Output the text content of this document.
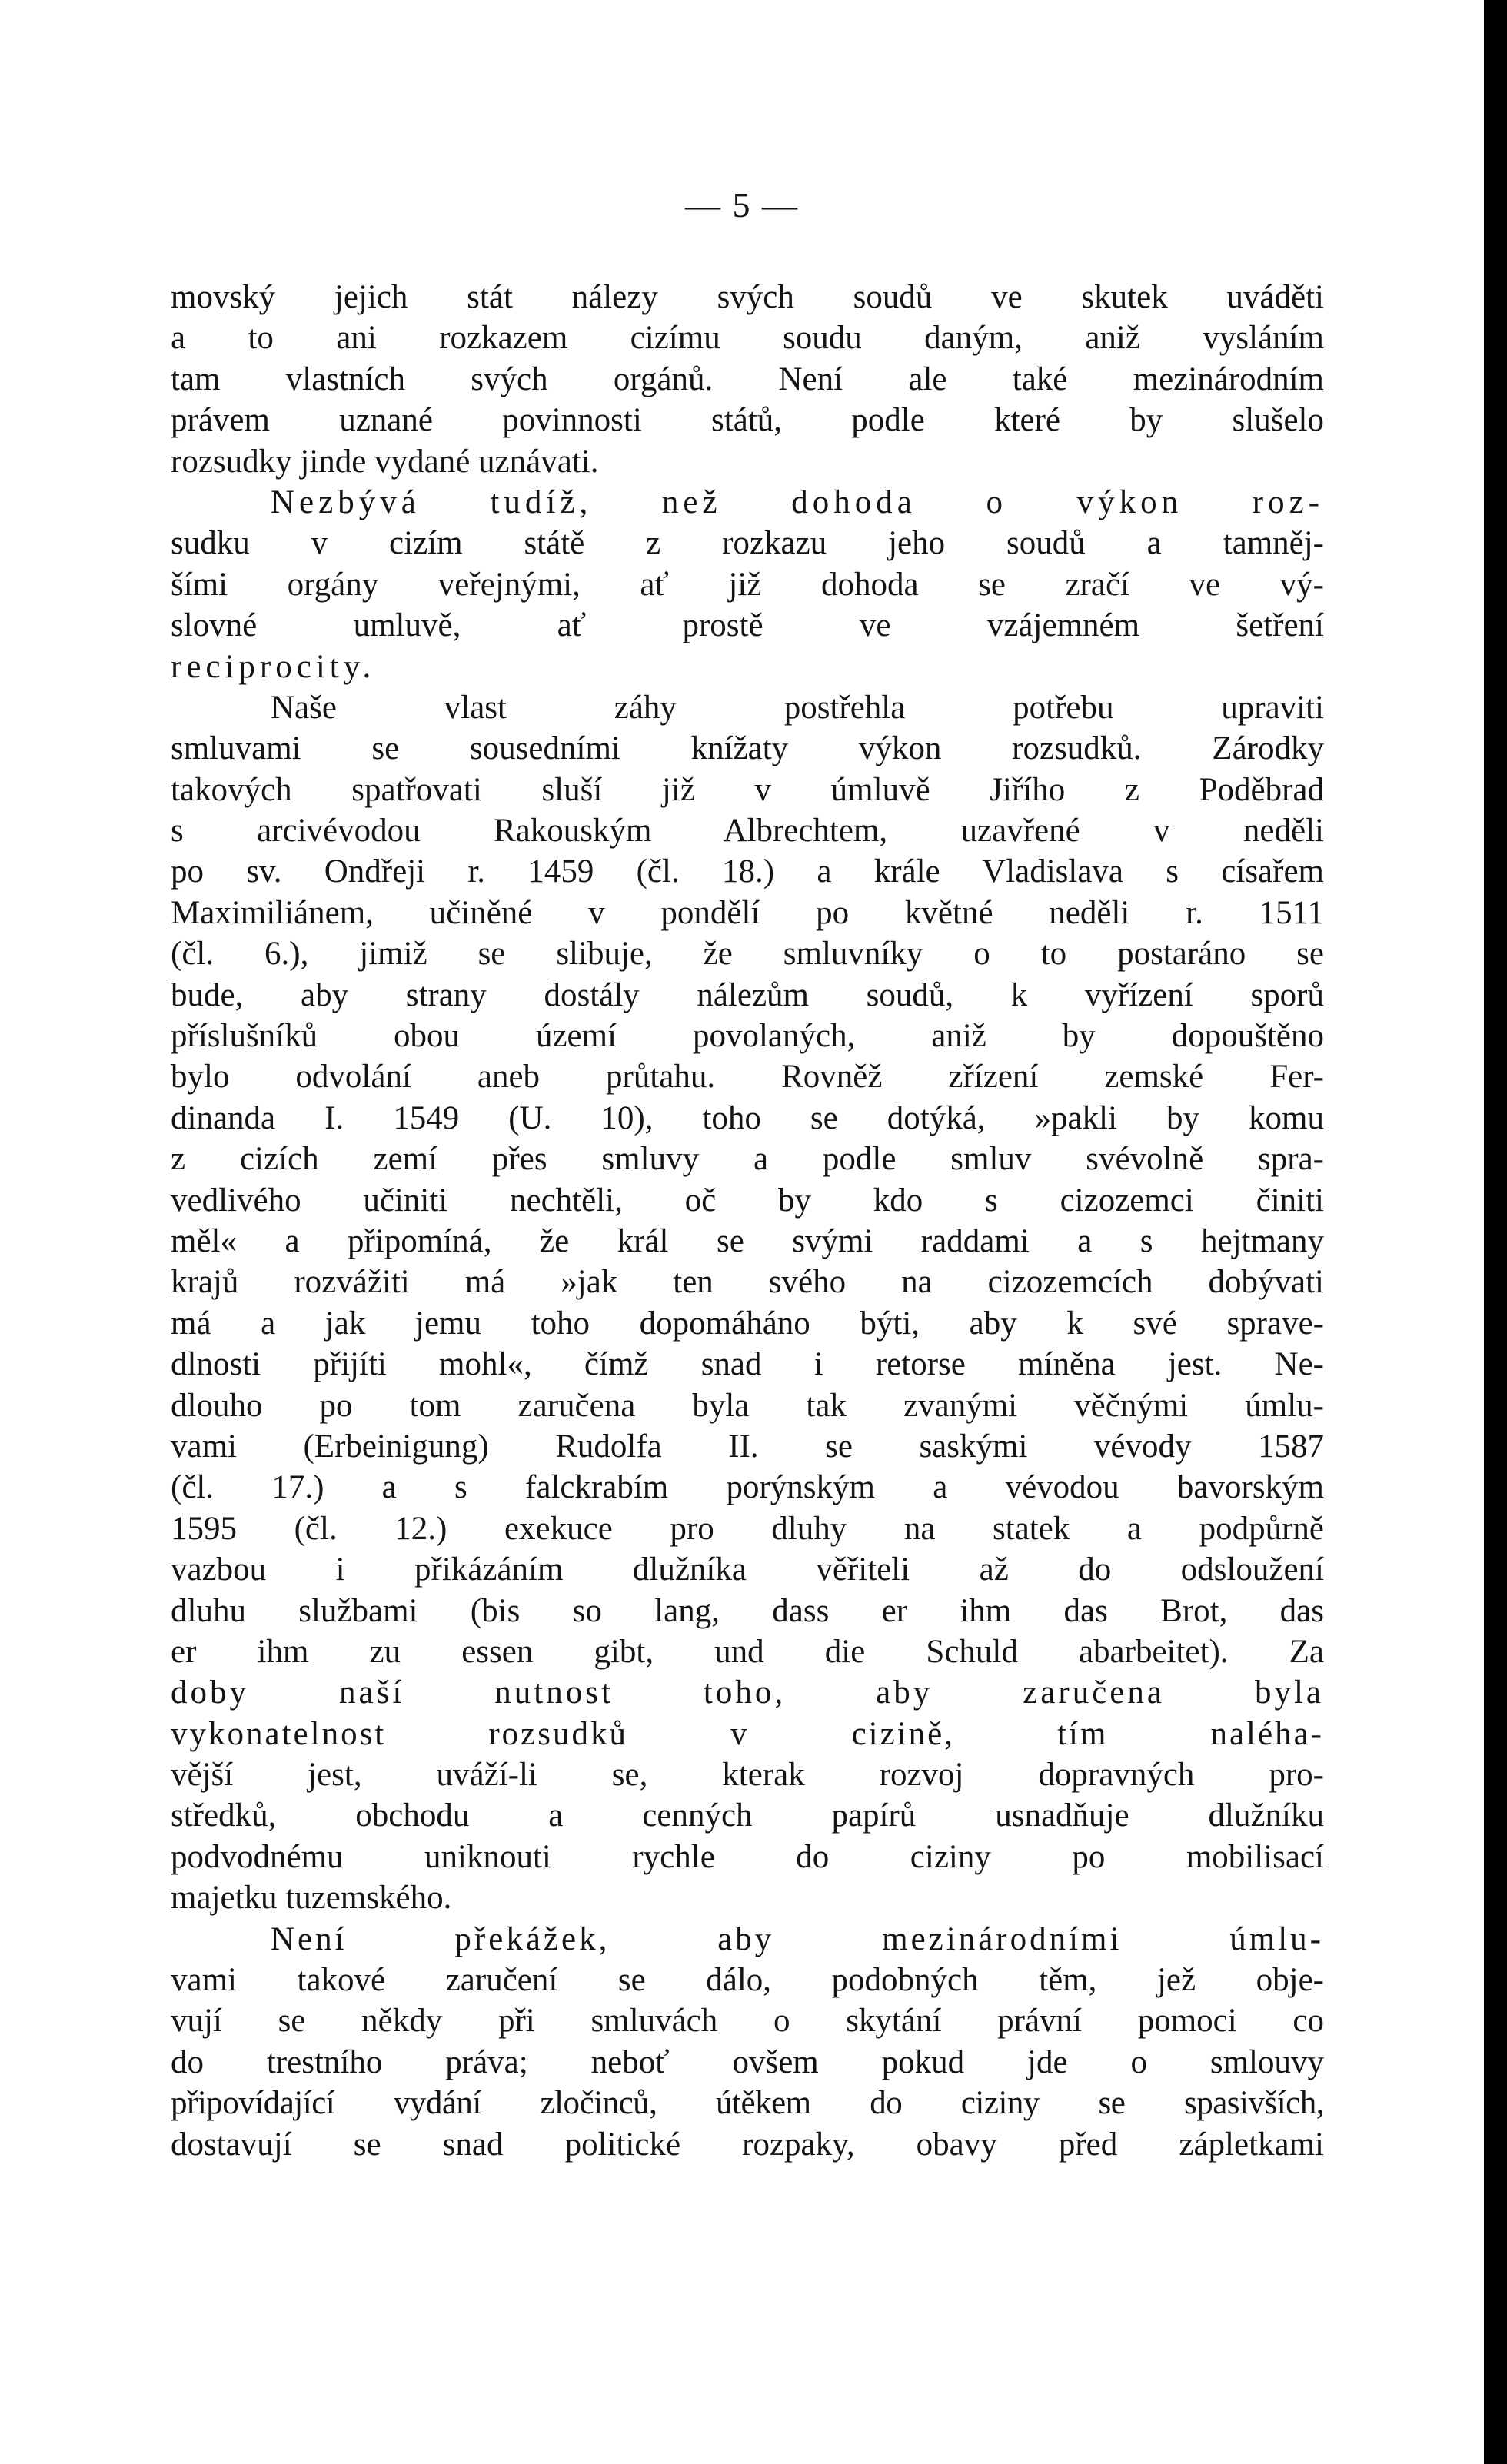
— 5 —
movský jejich stát nálezy svých soudů ve skutek uváděti
a to ani rozkazem cizímu soudu daným, aniž vysláním
tam vlastních svých orgánů. Není ale také mezinárodním
právem uznané povinnosti států, podle které by slušelo
rozsudky jinde vydané uznávati.
Nezbývá tudíž, než dohoda o výkon roz-
sudku v cizím státě z rozkazu jeho soudů a tamněj-
šími orgány veřejnými, ať již dohoda se zračí ve vý-
slovné umluvě, ať prostě ve vzájemném šetření
reciprocity.
Naše vlast záhy postřehla potřebu upraviti
smluvami se sousedními knížaty výkon rozsudků. Zárodky
takových spatřovati sluší již v úmluvě Jiřího z Poděbrad
s arcivévodou Rakouským Albrechtem, uzavřené v neděli
po sv. Ondřeji r. 1459 (čl. 18.) a krále Vladislava s císařem
Maximiliánem, učiněné v pondělí po květné neděli r. 1511
(čl. 6.), jimiž se slibuje, že smluvníky o to postaráno se
bude, aby strany dostály nálezům soudů, k vyřízení sporů
příslušníků obou území povolaných, aniž by dopouštěno
bylo odvolání aneb průtahu. Rovněž zřízení zemské Fer-
dinanda I. 1549 (U. 10), toho se dotýká, »pakli by komu
z cizích zemí přes smluvy a podle smluv svévolně spra-
vedlivého učiniti nechtěli, oč by kdo s cizozemci činiti
měl« a připomíná, že král se svými raddami a s hejtmany
krajů rozvážiti má »jak ten svého na cizozemcích dobývati
má a jak jemu toho dopomáháno býti, aby k své sprave-
dlnosti přijíti mohl«, čímž snad i retorse míněna jest. Ne-
dlouho po tom zaručena byla tak zvanými věčnými úmlu-
vami (Erbeinigung) Rudolfa II. se saskými vévody 1587
(čl. 17.) a s falckrabím porýnským a vévodou bavorským
1595 (čl. 12.) exekuce pro dluhy na statek a podpůrně
vazbou i přikázáním dlužníka věřiteli až do odsloužení
dluhu službami (bis so lang, dass er ihm das Brot, das
er ihm zu essen gibt, und die Schuld abarbeitet). Za
doby naší nutnost toho, aby zaručena byla
vykonatelnost rozsudků v cizině, tím naléha-
vější jest, uváží-li se, kterak rozvoj dopravných pro-
středků, obchodu a cenných papírů usnadňuje dlužníku
podvodnému uniknouti rychle do ciziny po mobilisací
majetku tuzemského.
Není překážek, aby mezinárodními úmlu-
vami takové zaručení se dálo, podobných těm, jež obje-
vují se někdy při smluvách o skytání právní pomoci co
do trestního práva; neboť ovšem pokud jde o smlouvy
připovídající vydání zločinců, útěkem do ciziny se spasivších,
dostavují se snad politické rozpaky, obavy před zápletkami
